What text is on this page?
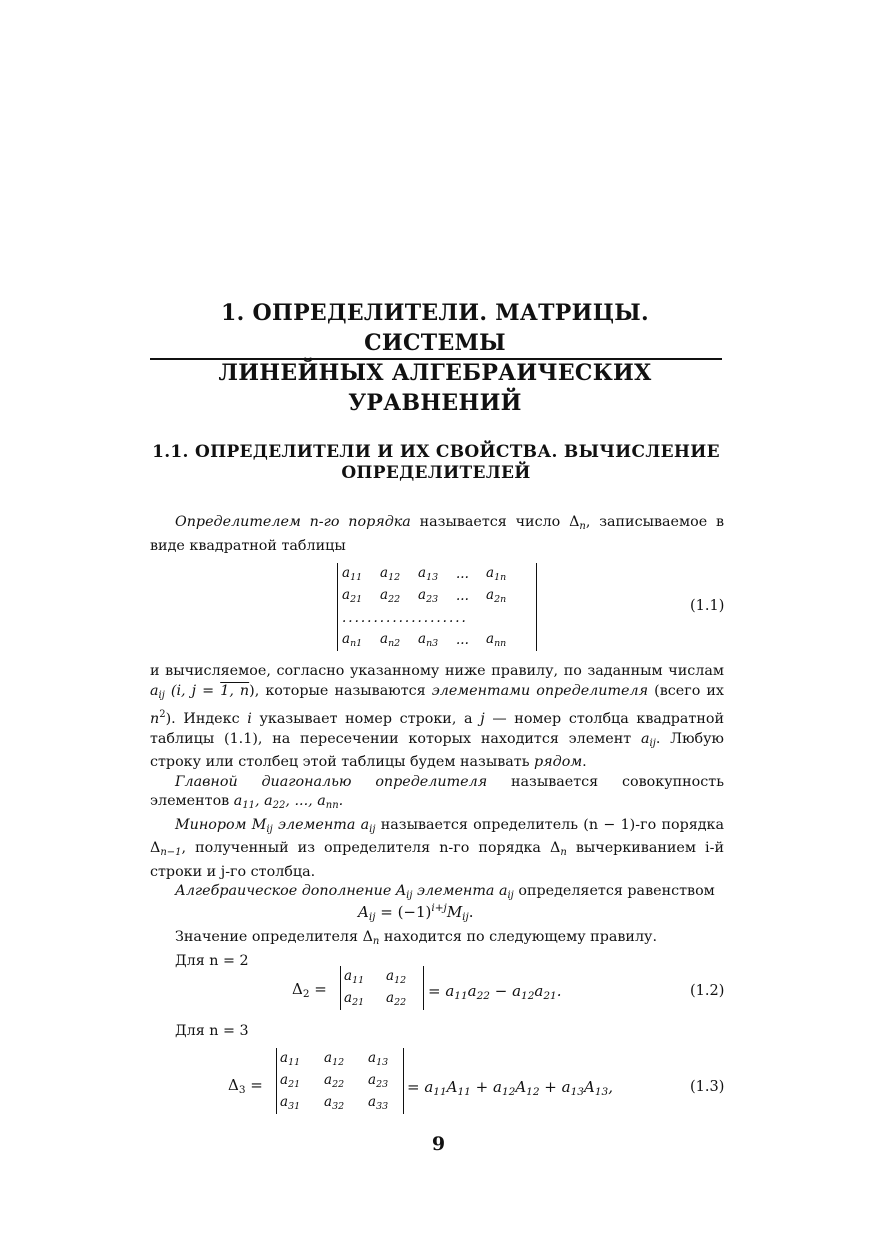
1. ОПРЕДЕЛИТЕЛИ. МАТРИЦЫ. СИСТЕМЫ
ЛИНЕЙНЫХ АЛГЕБРАИЧЕСКИХ УРАВНЕНИЙ
1.1. ОПРЕДЕЛИТЕЛИ И ИХ СВОЙСТВА. ВЫЧИСЛЕНИЕ
ОПРЕДЕЛИТЕЛЕЙ

Определителем n-го порядка называется число $\Delta_n$, записываемое в виде квадратной таблицы

$a_{11}$	$a_{12}$	$a_{13}$	...	$a_{1n}$
$a_{21}$	$a_{22}$	$a_{23}$	...	$a_{2n}$
....................
$a_{n1}$	$a_{n2}$	$a_{n3}$	...	$a_{nn}$
(1.1)

и вычисляемое, согласно указанному ниже правилу, по заданным числам $a_{ij}$ (i, j = 1, n), которые называются элементами определителя (всего их $n^2$). Индекс i указывает номер строки, а j — номер столбца квадратной таблицы (1.1), на пересечении которых находится элемент $a_{ij}$. Любую строку или столбец этой таблицы будем называть рядом.

Главной диагональю определителя называется совокупность элементов $a_{11}$, $a_{22}$, ..., $a_{nn}$.

Минором $M_{ij}$ элемента $a_{ij}$ называется определитель (n − 1)-го порядка $\Delta_{n-1}$, полученный из определителя n-го порядка $\Delta_n$ вычеркиванием i-й строки и j-го столбца.

Алгебраическое дополнение $A_{ij}$ элемента $a_{ij}$ определяется равенством

$A_{ij} = (-1)^{i+j}M_{ij}$.

Значение определителя $\Delta_n$ находится по следующему правилу.

Для n = 2

$\Delta_2$ =
$a_{11}$	$a_{12}$
$a_{21}$	$a_{22}$
= $a_{11}a_{22} - a_{12}a_{21}$.	(1.2)

Для n = 3

$\Delta_3$ =
$a_{11}$	$a_{12}$	$a_{13}$
$a_{21}$	$a_{22}$	$a_{23}$
$a_{31}$	$a_{32}$	$a_{33}$
= $a_{11}A_{11} + a_{12}A_{12} + a_{13}A_{13}$,	(1.3)
9
